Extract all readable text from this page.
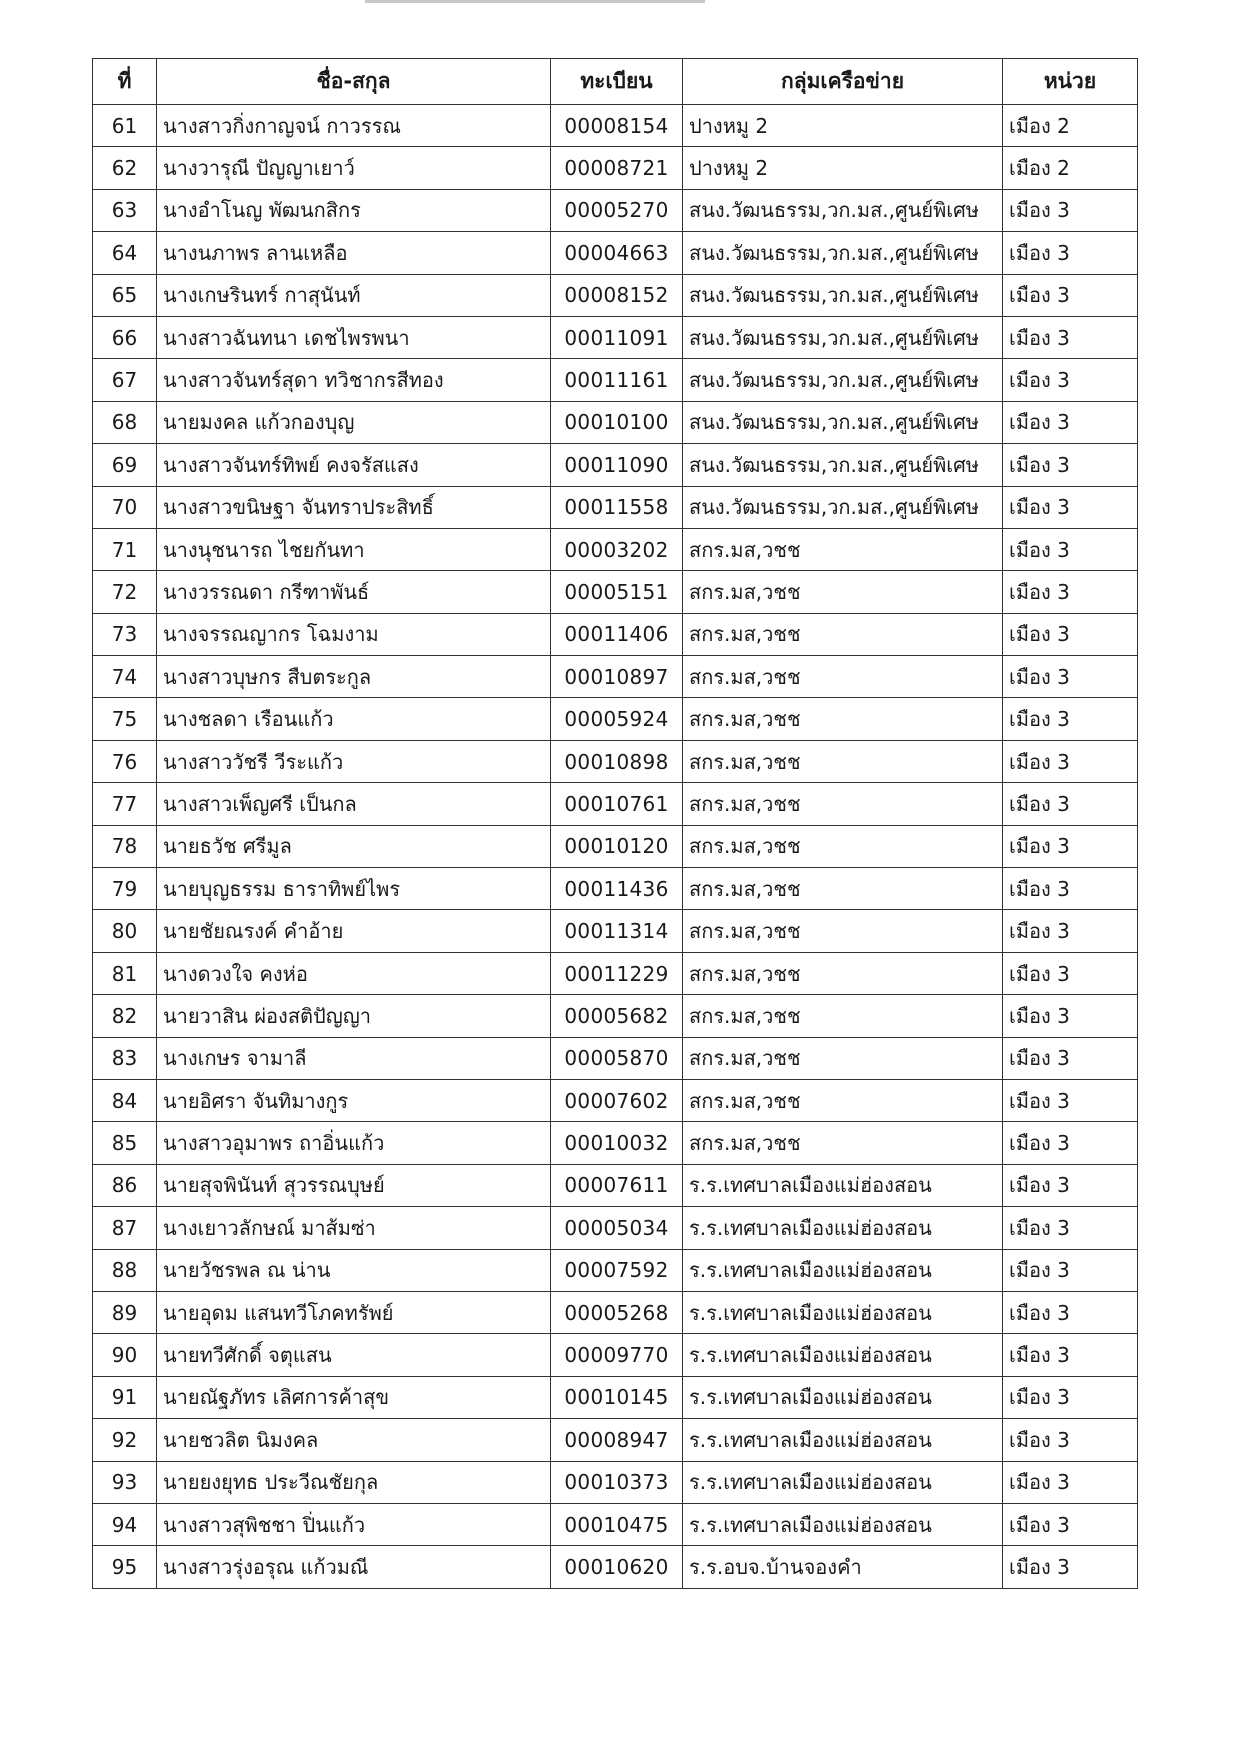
ที่	ชื่อ-สกุล	ทะเบียน	กลุ่มเครือข่าย	หน่วย
61	นางสาวกิ่งกาญจน์ กาวรรณ	00008154	ปางหมู 2	เมือง 2
62	นางวารุณี ปัญญาเยาว์	00008721	ปางหมู 2	เมือง 2
63	นางอำโนญ พัฒนกสิกร	00005270	สนง.วัฒนธรรม,วก.มส.,ศูนย์พิเศษ	เมือง 3
64	นางนภาพร ลานเหลือ	00004663	สนง.วัฒนธรรม,วก.มส.,ศูนย์พิเศษ	เมือง 3
65	นางเกษรินทร์ กาสุนันท์	00008152	สนง.วัฒนธรรม,วก.มส.,ศูนย์พิเศษ	เมือง 3
66	นางสาวฉันทนา เดชไพรพนา	00011091	สนง.วัฒนธรรม,วก.มส.,ศูนย์พิเศษ	เมือง 3
67	นางสาวจันทร์สุดา ทวิชากรสีทอง	00011161	สนง.วัฒนธรรม,วก.มส.,ศูนย์พิเศษ	เมือง 3
68	นายมงคล แก้วกองบุญ	00010100	สนง.วัฒนธรรม,วก.มส.,ศูนย์พิเศษ	เมือง 3
69	นางสาวจันทร์ทิพย์ คงจรัสแสง	00011090	สนง.วัฒนธรรม,วก.มส.,ศูนย์พิเศษ	เมือง 3
70	นางสาวขนิษฐา จันทราประสิทธิ์	00011558	สนง.วัฒนธรรม,วก.มส.,ศูนย์พิเศษ	เมือง 3
71	นางนุชนารถ ไชยกันทา	00003202	สกร.มส,วชช	เมือง 3
72	นางวรรณดา กรีฑาพันธ์	00005151	สกร.มส,วชช	เมือง 3
73	นางจรรณญากร โฉมงาม	00011406	สกร.มส,วชช	เมือง 3
74	นางสาวบุษกร สืบตระกูล	00010897	สกร.มส,วชช	เมือง 3
75	นางชลดา เรือนแก้ว	00005924	สกร.มส,วชช	เมือง 3
76	นางสาววัชรี วีระแก้ว	00010898	สกร.มส,วชช	เมือง 3
77	นางสาวเพ็ญศรี เป็นกล	00010761	สกร.มส,วชช	เมือง 3
78	นายธวัช ศรีมูล	00010120	สกร.มส,วชช	เมือง 3
79	นายบุญธรรม ธาราทิพย์ไพร	00011436	สกร.มส,วชช	เมือง 3
80	นายชัยณรงค์ คำอ้าย	00011314	สกร.มส,วชช	เมือง 3
81	นางดวงใจ คงห่อ	00011229	สกร.มส,วชช	เมือง 3
82	นายวาสิน ผ่องสติปัญญา	00005682	สกร.มส,วชช	เมือง 3
83	นางเกษร จามาลี	00005870	สกร.มส,วชช	เมือง 3
84	นายอิศรา จันทิมางกูร	00007602	สกร.มส,วชช	เมือง 3
85	นางสาวอุมาพร ถาอิ่นแก้ว	00010032	สกร.มส,วชช	เมือง 3
86	นายสุจพินันท์ สุวรรณบุษย์	00007611	ร.ร.เทศบาลเมืองแม่ฮ่องสอน	เมือง 3
87	นางเยาวลักษณ์ มาส้มซ่า	00005034	ร.ร.เทศบาลเมืองแม่ฮ่องสอน	เมือง 3
88	นายวัชรพล ณ น่าน	00007592	ร.ร.เทศบาลเมืองแม่ฮ่องสอน	เมือง 3
89	นายอุดม แสนทวีโภคทรัพย์	00005268	ร.ร.เทศบาลเมืองแม่ฮ่องสอน	เมือง 3
90	นายทวีศักดิ์ จตุแสน	00009770	ร.ร.เทศบาลเมืองแม่ฮ่องสอน	เมือง 3
91	นายณัฐภัทร เลิศการค้าสุข	00010145	ร.ร.เทศบาลเมืองแม่ฮ่องสอน	เมือง 3
92	นายชวลิต นิมงคล	00008947	ร.ร.เทศบาลเมืองแม่ฮ่องสอน	เมือง 3
93	นายยงยุทธ ประวีณชัยกุล	00010373	ร.ร.เทศบาลเมืองแม่ฮ่องสอน	เมือง 3
94	นางสาวสุพิชชา ปิ่นแก้ว	00010475	ร.ร.เทศบาลเมืองแม่ฮ่องสอน	เมือง 3
95	นางสาวรุ่งอรุณ แก้วมณี	00010620	ร.ร.อบจ.บ้านจองคำ	เมือง 3
